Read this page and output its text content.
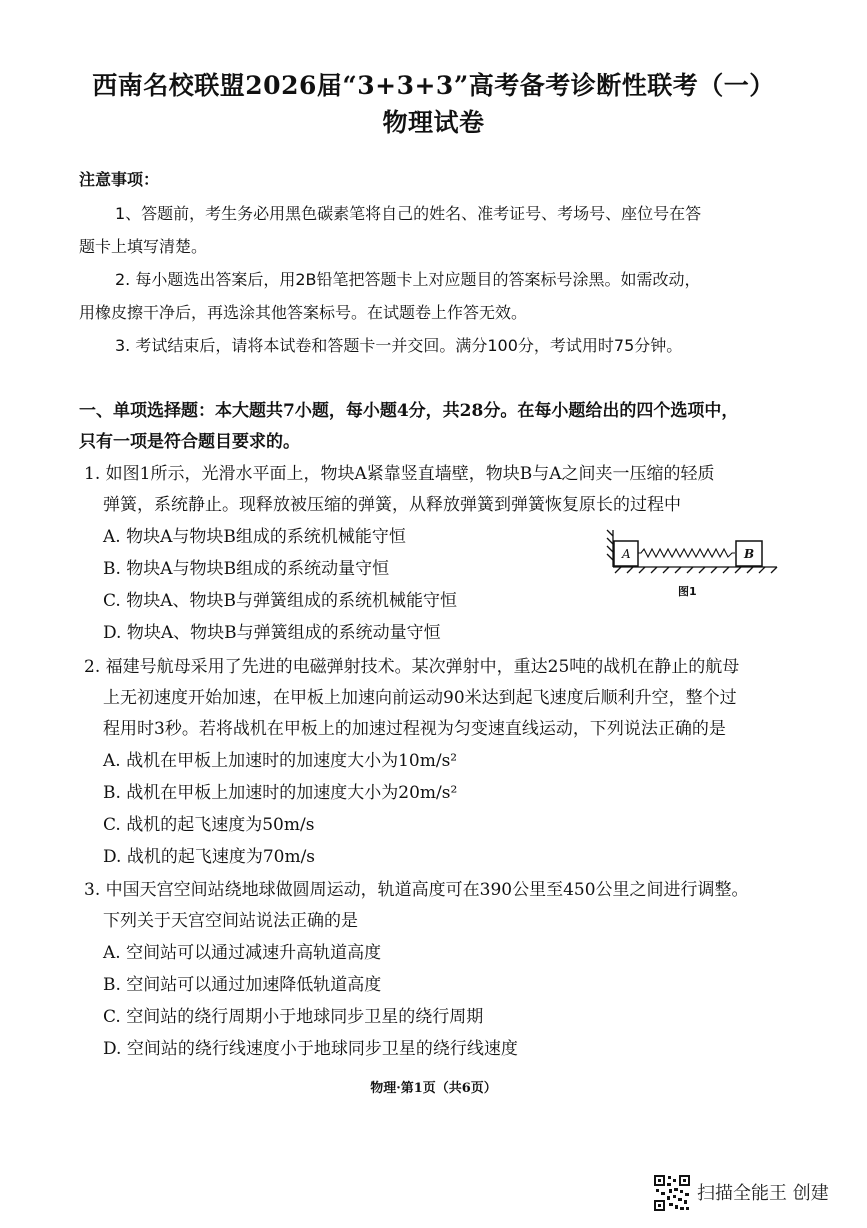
西南名校联盟2026届“3+3+3”高考备考诊断性联考（一）
物理试卷
注意事项：
1、答题前，考生务必用黑色碳素笔将自己的姓名、准考证号、考场号、座位号在答
题卡上填写清楚。
2. 每小题选出答案后，用2B铅笔把答题卡上对应题目的答案标号涂黑。如需改动，
用橡皮擦干净后，再选涂其他答案标号。在试题卷上作答无效。
3. 考试结束后，请将本试卷和答题卡一并交回。满分100分，考试用时75分钟。
一、单项选择题：本大题共7小题，每小题4分，共28分。在每小题给出的四个选项中，
只有一项是符合题目要求的。
1. 如图1所示，光滑水平面上，物块A紧靠竖直墙壁，物块B与A之间夹一压缩的轻质
弹簧，系统静止。现释放被压缩的弹簧，从释放弹簧到弹簧恢复原长的过程中
A. 物块A与物块B组成的系统机械能守恒
B. 物块A与物块B组成的系统动量守恒
C. 物块A、物块B与弹簧组成的系统机械能守恒
D. 物块A、物块B与弹簧组成的系统动量守恒
A	B
图1
2. 福建号航母采用了先进的电磁弹射技术。某次弹射中，重达25吨的战机在静止的航母
上无初速度开始加速，在甲板上加速向前运动90米达到起飞速度后顺利升空，整个过
程用时3秒。若将战机在甲板上的加速过程视为匀变速直线运动，下列说法正确的是
A. 战机在甲板上加速时的加速度大小为10m/s²
B. 战机在甲板上加速时的加速度大小为20m/s²
C. 战机的起飞速度为50m/s
D. 战机的起飞速度为70m/s
3. 中国天宫空间站绕地球做圆周运动，轨道高度可在390公里至450公里之间进行调整。
下列关于天宫空间站说法正确的是
A. 空间站可以通过减速升高轨道高度
B. 空间站可以通过加速降低轨道高度
C. 空间站的绕行周期小于地球同步卫星的绕行周期
D. 空间站的绕行线速度小于地球同步卫星的绕行线速度
物理·第1页（共6页）
扫描全能王 创建
